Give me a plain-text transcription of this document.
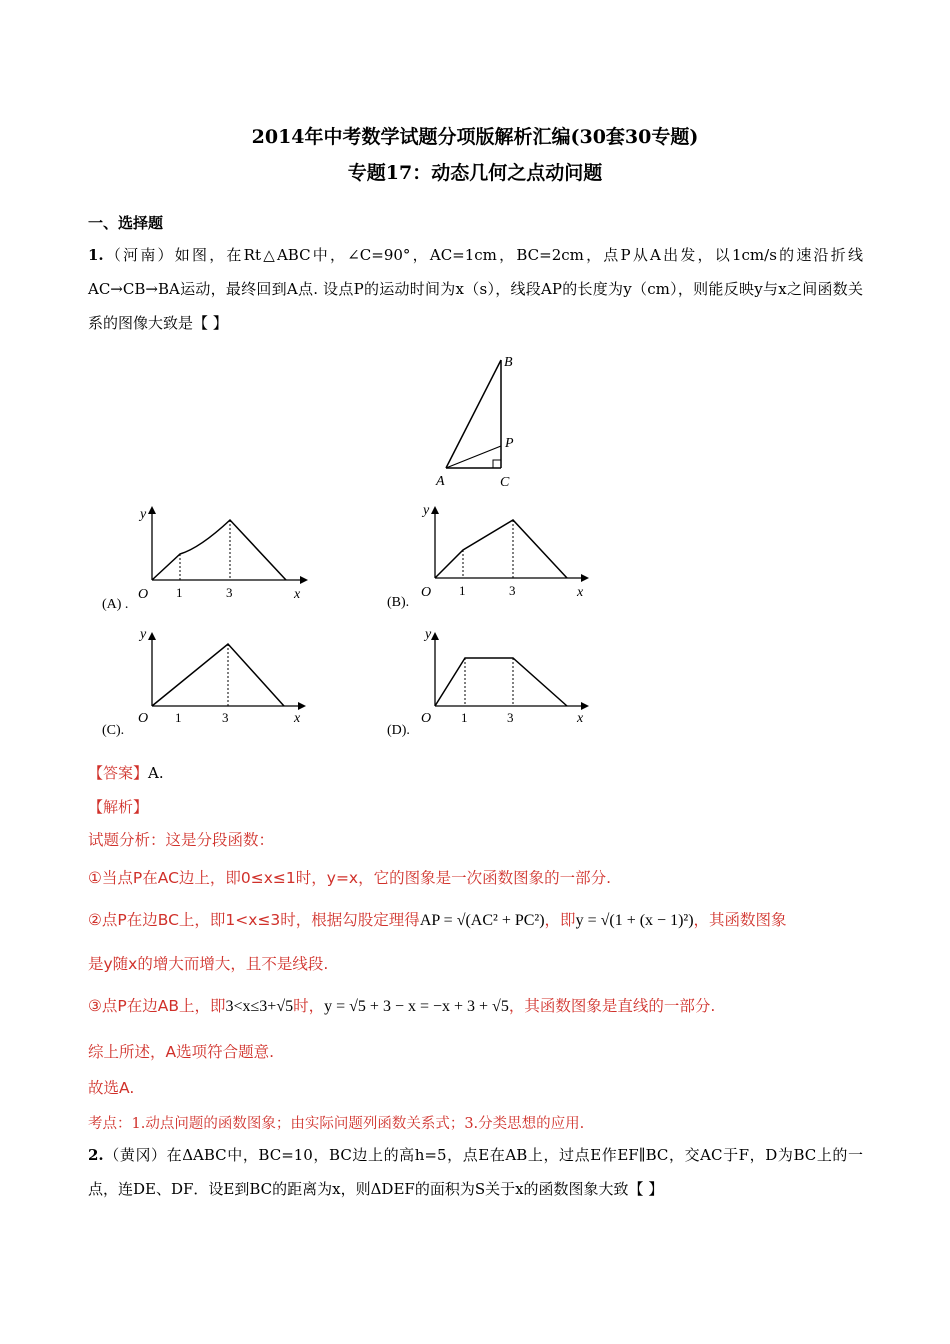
2014年中考数学试题分项版解析汇编(30套30专题)
专题17：动态几何之点动问题
一、选择题
1.（河南）如图，在Rt△ABC中，∠C=90°，AC=1cm，BC=2cm，点P从A出发，以1cm/s的速沿折线AC→CB→BA运动，最终回到A点. 设点P的运动时间为x（s），线段AP的长度为y（cm），则能反映y与x之间函数关系的图像大致是【 】
A
B
C
P
y
O 1	3	x
(A) .
y
O 1	3	x
(B).
y
O 1	3	x
(C).
y
O 1	3	x
(D).
【答案】A.
【解析】
试题分析：这是分段函数：
①当点P在AC边上，即0≤x≤1时，y=x，它的图象是一次函数图象的一部分.
②点P在边BC上，即1<x≤3时，根据勾股定理得AP = √(AC² + PC²)，即y = √(1 + (x − 1)²)，其函数图象
是y随x的增大而增大，且不是线段.
③点P在边AB上，即3<x≤3+√5时，y = √5 + 3 − x = −x + 3 + √5，其函数图象是直线的一部分.
综上所述，A选项符合题意.
故选A.
考点：1.动点问题的函数图象；由实际问题列函数关系式；3.分类思想的应用.
2.（黄冈）在ΔABC中，BC=10，BC边上的高h=5，点E在AB上，过点E作EF∥BC，交AC于F，D为BC上的一点，连DE、DF．设E到BC的距离为x，则ΔDEF的面积为S关于x的函数图象大致【 】
